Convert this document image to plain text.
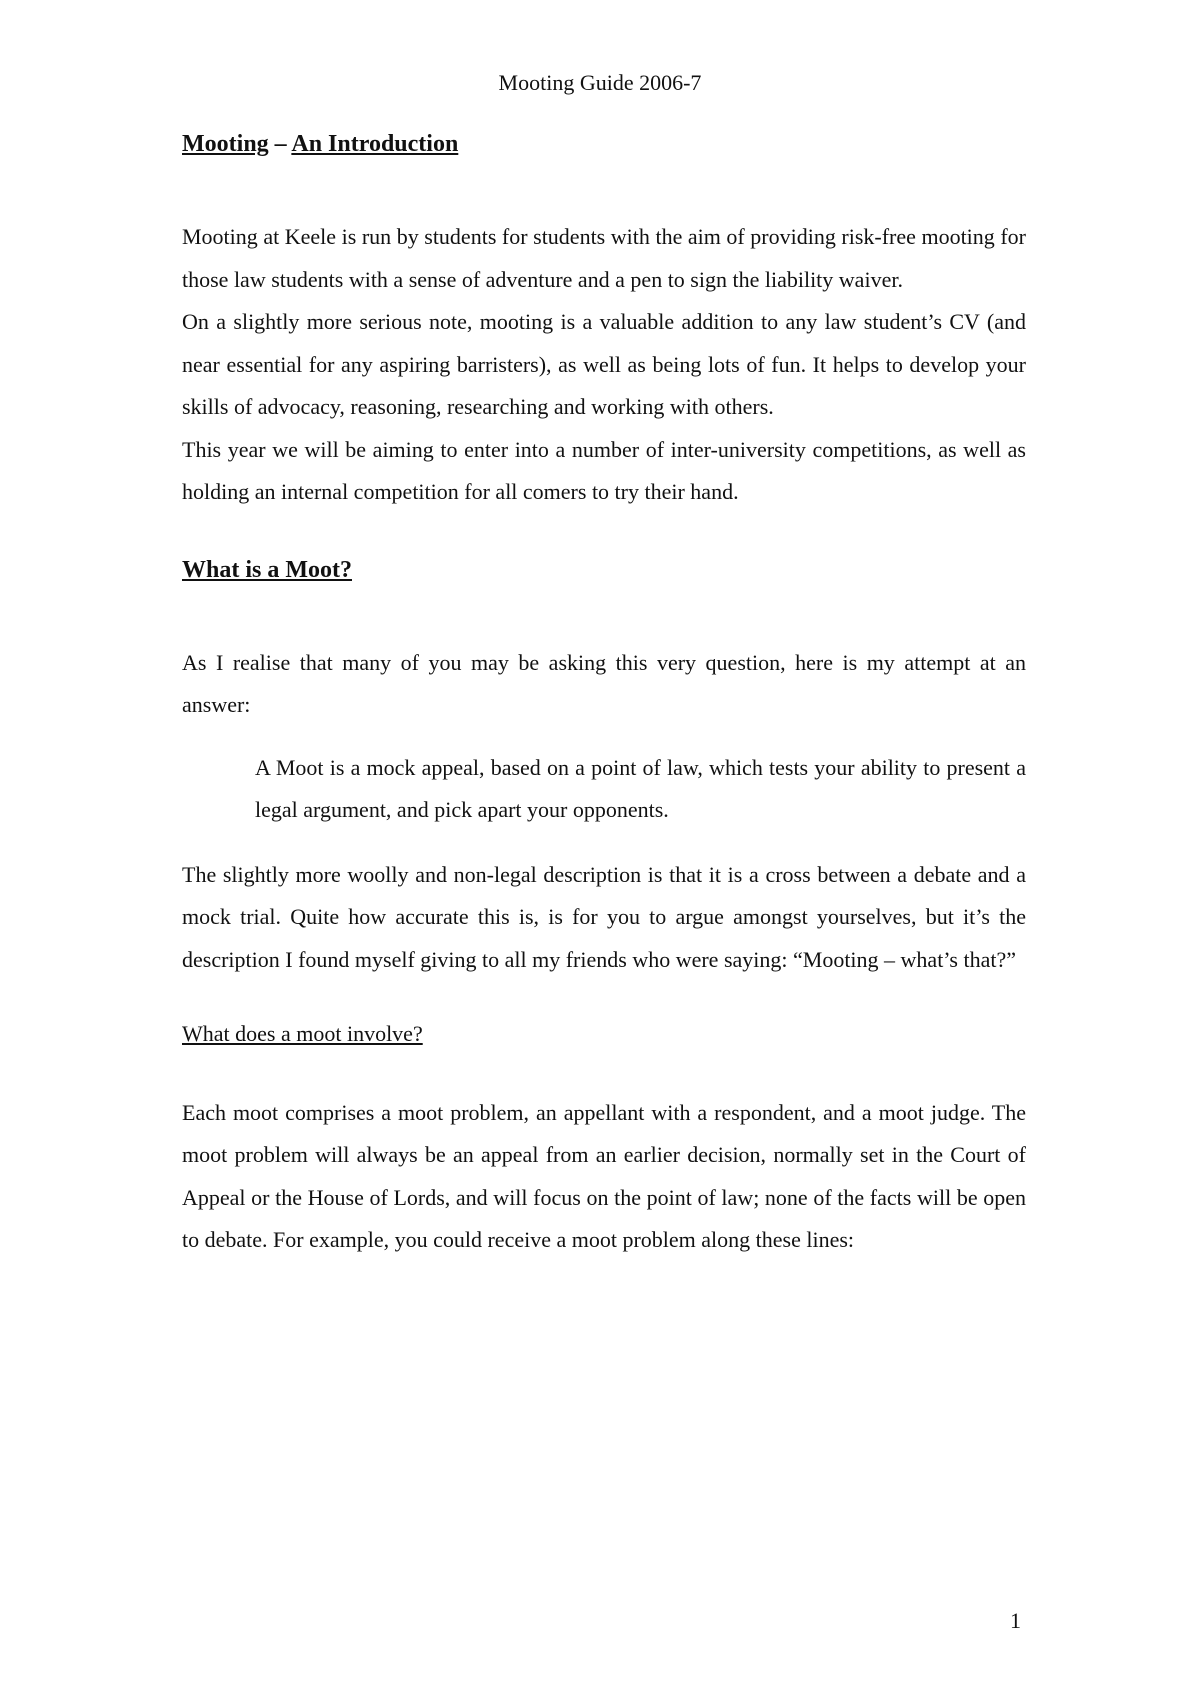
Mooting Guide 2006-7
Mooting – An Introduction

Mooting at Keele is run by students for students with the aim of providing risk-free mooting for those law students with a sense of adventure and a pen to sign the liability waiver.

On a slightly more serious note, mooting is a valuable addition to any law student’s CV (and near essential for any aspiring barristers), as well as being lots of fun. It helps to develop your skills of advocacy, reasoning, researching and working with others.

This year we will be aiming to enter into a number of inter-university competitions, as well as holding an internal competition for all comers to try their hand.

What is a Moot?

As I realise that many of you may be asking this very question, here is my attempt at an answer:

A Moot is a mock appeal, based on a point of law, which tests your ability to present a legal argument, and pick apart your opponents.

The slightly more woolly and non-legal description is that it is a cross between a debate and a mock trial. Quite how accurate this is, is for you to argue amongst yourselves, but it’s the description I found myself giving to all my friends who were saying: “Mooting – what’s that?”

What does a moot involve?

Each moot comprises a moot problem, an appellant with a respondent, and a moot judge. The moot problem will always be an appeal from an earlier decision, normally set in the Court of Appeal or the House of Lords, and will focus on the point of law; none of the facts will be open to debate. For example, you could receive a moot problem along these lines:

1
